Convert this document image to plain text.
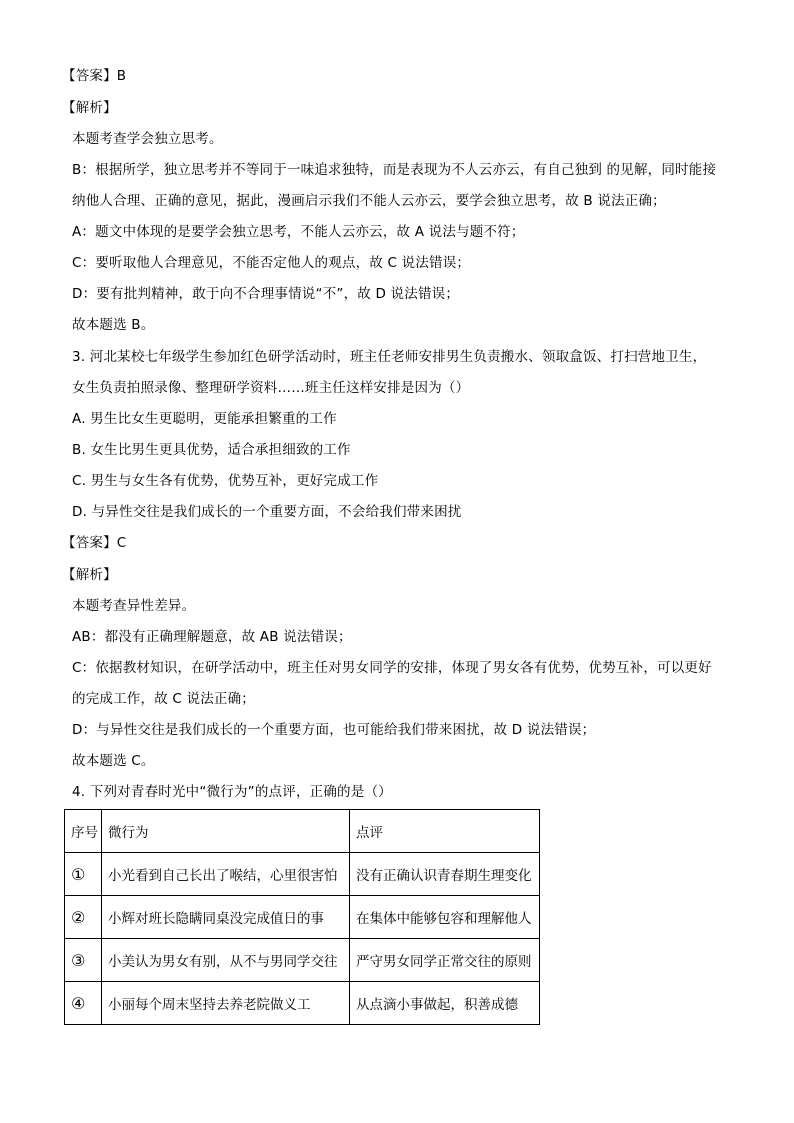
【答案】B
【解析】
本题考查学会独立思考。
B：根据所学，独立思考并不等同于一味追求独特，而是表现为不人云亦云，有自己独到 的见解，同时能接
纳他人合理、正确的意见，据此，漫画启示我们不能人云亦云，要学会独立思考，故 B 说法正确；
A：题文中体现的是要学会独立思考，不能人云亦云，故 A 说法与题不符；
C：要听取他人合理意见，不能否定他人的观点，故 C 说法错误；
D：要有批判精神，敢于向不合理事情说“不”，故 D 说法错误；
故本题选 B。
3. 河北某校七年级学生参加红色研学活动时，班主任老师安排男生负责搬水、领取盒饭、打扫营地卫生，
女生负责拍照录像、整理研学资料……班主任这样安排是因为（）
A. 男生比女生更聪明，更能承担繁重的工作
B. 女生比男生更具优势，适合承担细致的工作
C. 男生与女生各有优势，优势互补，更好完成工作
D. 与异性交往是我们成长的一个重要方面，不会给我们带来困扰
【答案】C
【解析】
本题考查异性差异。
AB：都没有正确理解题意，故 AB 说法错误；
C：依据教材知识，在研学活动中，班主任对男女同学的安排，体现了男女各有优势，优势互补，可以更好
的完成工作，故 C 说法正确；
D：与异性交往是我们成长的一个重要方面，也可能给我们带来困扰，故 D 说法错误；
故本题选 C。
4. 下列对青春时光中“微行为”的点评，正确的是（）
序号	微行为	点评
①	小光看到自己长出了喉结，心里很害怕	没有正确认识青春期生理变化
②	小辉对班长隐瞒同桌没完成值日的事	在集体中能够包容和理解他人
③	小美认为男女有别，从不与男同学交往	严守男女同学正常交往的原则
④	小丽每个周末坚持去养老院做义工	从点滴小事做起，积善成德
